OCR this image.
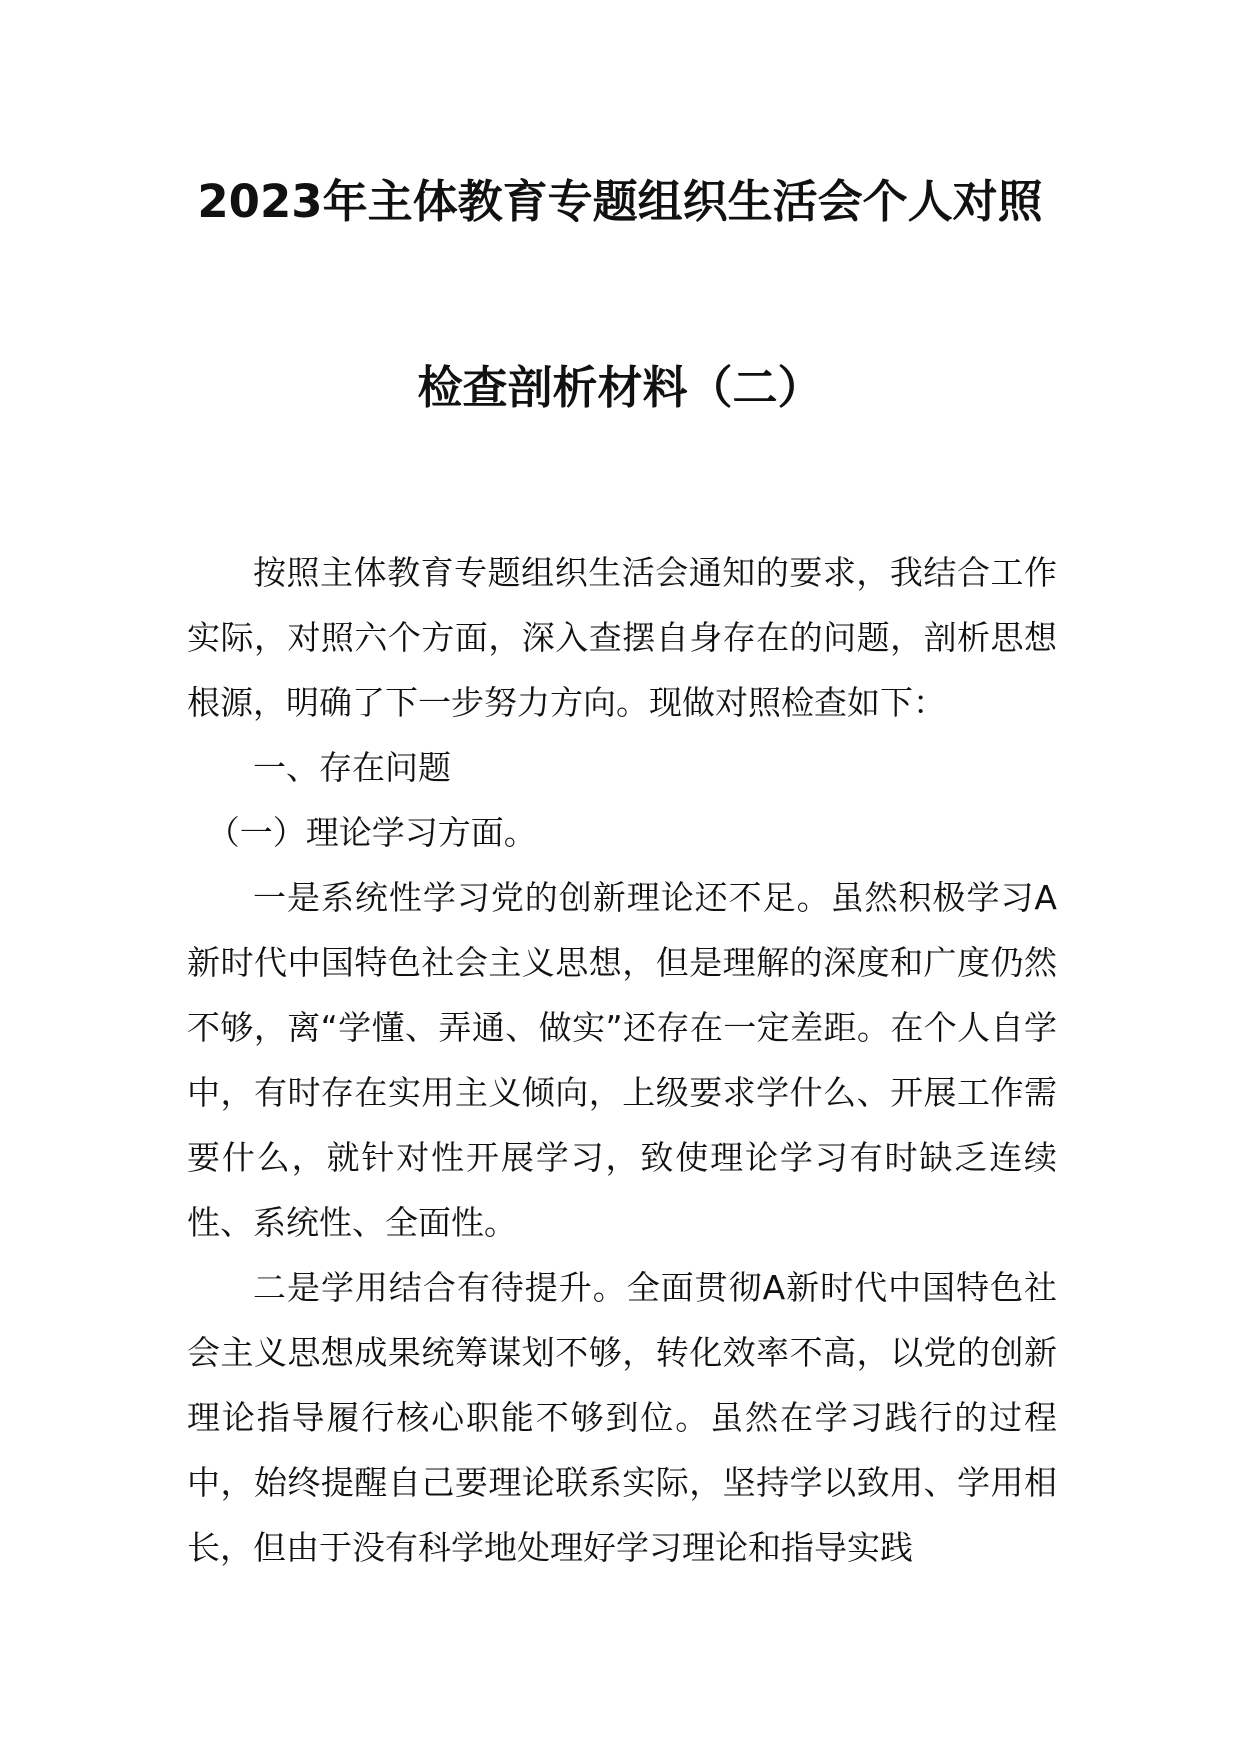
2023年主体教育专题组织生活会个人对照
检查剖析材料（二）

按照主体教育专题组织生活会通知的要求，我结合工作实际，对照六个方面，深入查摆自身存在的问题，剖析思想根源，明确了下一步努力方向。现做对照检查如下：

一、存在问题

（一）理论学习方面。

一是系统性学习党的创新理论还不足。虽然积极学习A新时代中国特色社会主义思想，但是理解的深度和广度仍然不够，离“学懂、弄通、做实”还存在一定差距。在个人自学中，有时存在实用主义倾向，上级要求学什么、开展工作需要什么，就针对性开展学习，致使理论学习有时缺乏连续性、系统性、全面性。

二是学用结合有待提升。全面贯彻A新时代中国特色社会主义思想成果统筹谋划不够，转化效率不高，以党的创新理论指导履行核心职能不够到位。虽然在学习践行的过程中，始终提醒自己要理论联系实际，坚持学以致用、学用相长，但由于没有科学地处理好学习理论和指导实践
